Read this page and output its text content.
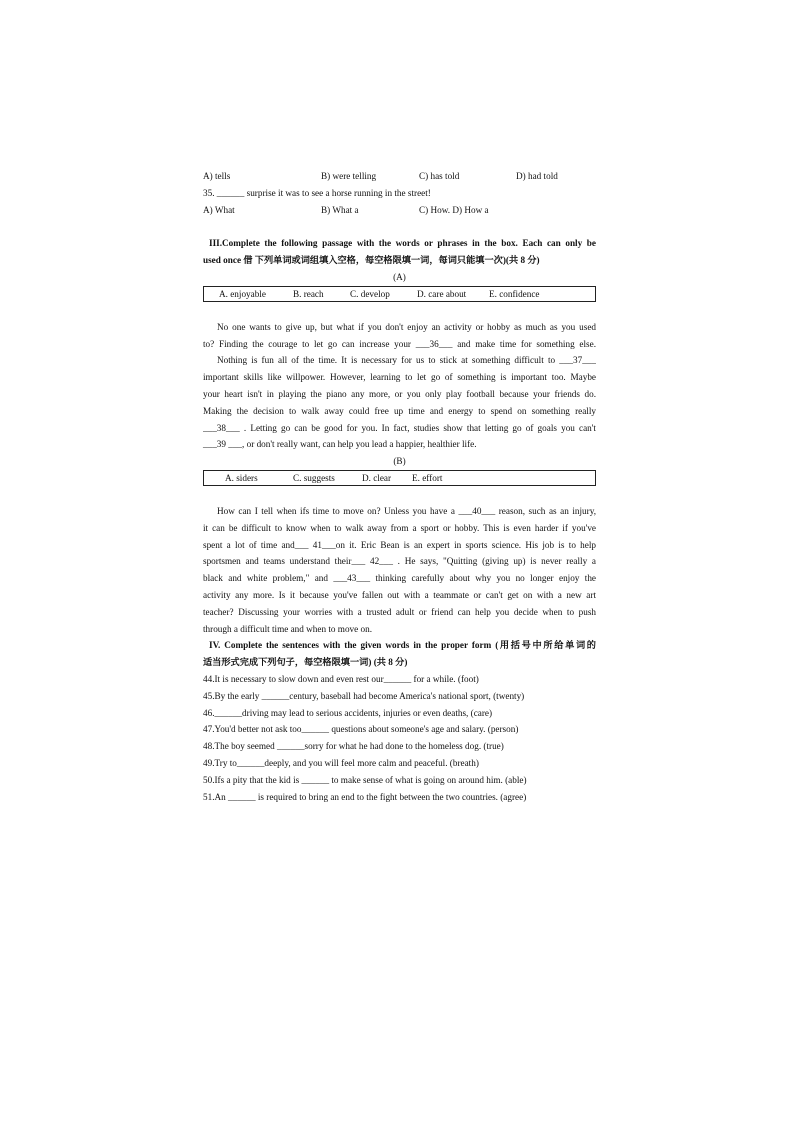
A) tells	B) were telling	C) has told	D) had told
35. ______ surprise it was to see a horse running in the street!
A) What	B) What a	C) How. D) How a
III.Complete the following passage with the words or phrases in the box. Each can only be
used once 借 下列单词或词组填入空格，每空格限填一词，每词只能填一次)(共 8 分)
(A)
A. enjoyable	B. reach	C. develop	D. care about E. confidence
No one wants to give up, but what if you don't enjoy an activity or hobby as much as you used
to? Finding the courage to let go can increase your ___36___ and make time for something else.
Nothing is fun all of the time. It is necessary for us to stick at something difficult to ___37___
important skills like willpower. However, learning to let go of something is important too. Maybe
your heart isn't in playing the piano any more, or you only play football because your friends do.
Making the decision to walk away could free up time and energy to spend on something really
___38___ . Letting go can be good for you. In fact, studies show that letting go of goals you can't
___39 ___, or don't really want, can help you lead a happier, healthier life.
(B)
A. siders	C. suggests	D. clear E. effort
How can I tell when ifs time to move on? Unless you have a ___40___ reason, such as an injury,
it can be difficult to know when to walk away from a sport or hobby. This is even harder if you've
spent a lot of time and___ 41___on it. Eric Bean is an expert in sports science. His job is to help
sportsmen and teams understand their___ 42___ . He says, "Quitting (giving up) is never really a
black and white problem," and ___43___ thinking carefully about why you no longer enjoy the
activity any more. Is it because you've fallen out with a teammate or can't get on with a new art
teacher? Discussing your worries with a trusted adult or friend can help you decide when to push
through a difficult time and when to move on.
IV. Complete the sentences with the given words in the proper form (用括号中所给单词的
适当形式完成下列句子，每空格限填一词) (共 8 分)
44.It is necessary to slow down and even rest our______ for a while. (foot)
45.By the early ______century, baseball had become America's national sport, (twenty)
46.______driving may lead to serious accidents, injuries or even deaths, (care)
47.You'd better not ask too______ questions about someone's age and salary. (person)
48.The boy seemed ______sorry for what he had done to the homeless dog. (true)
49.Try to______deeply, and you will feel more calm and peaceful. (breath)
50.Ifs a pity that the kid is ______ to make sense of what is going on around him. (able)
51.An ______ is required to bring an end to the fight between the two countries. (agree)
